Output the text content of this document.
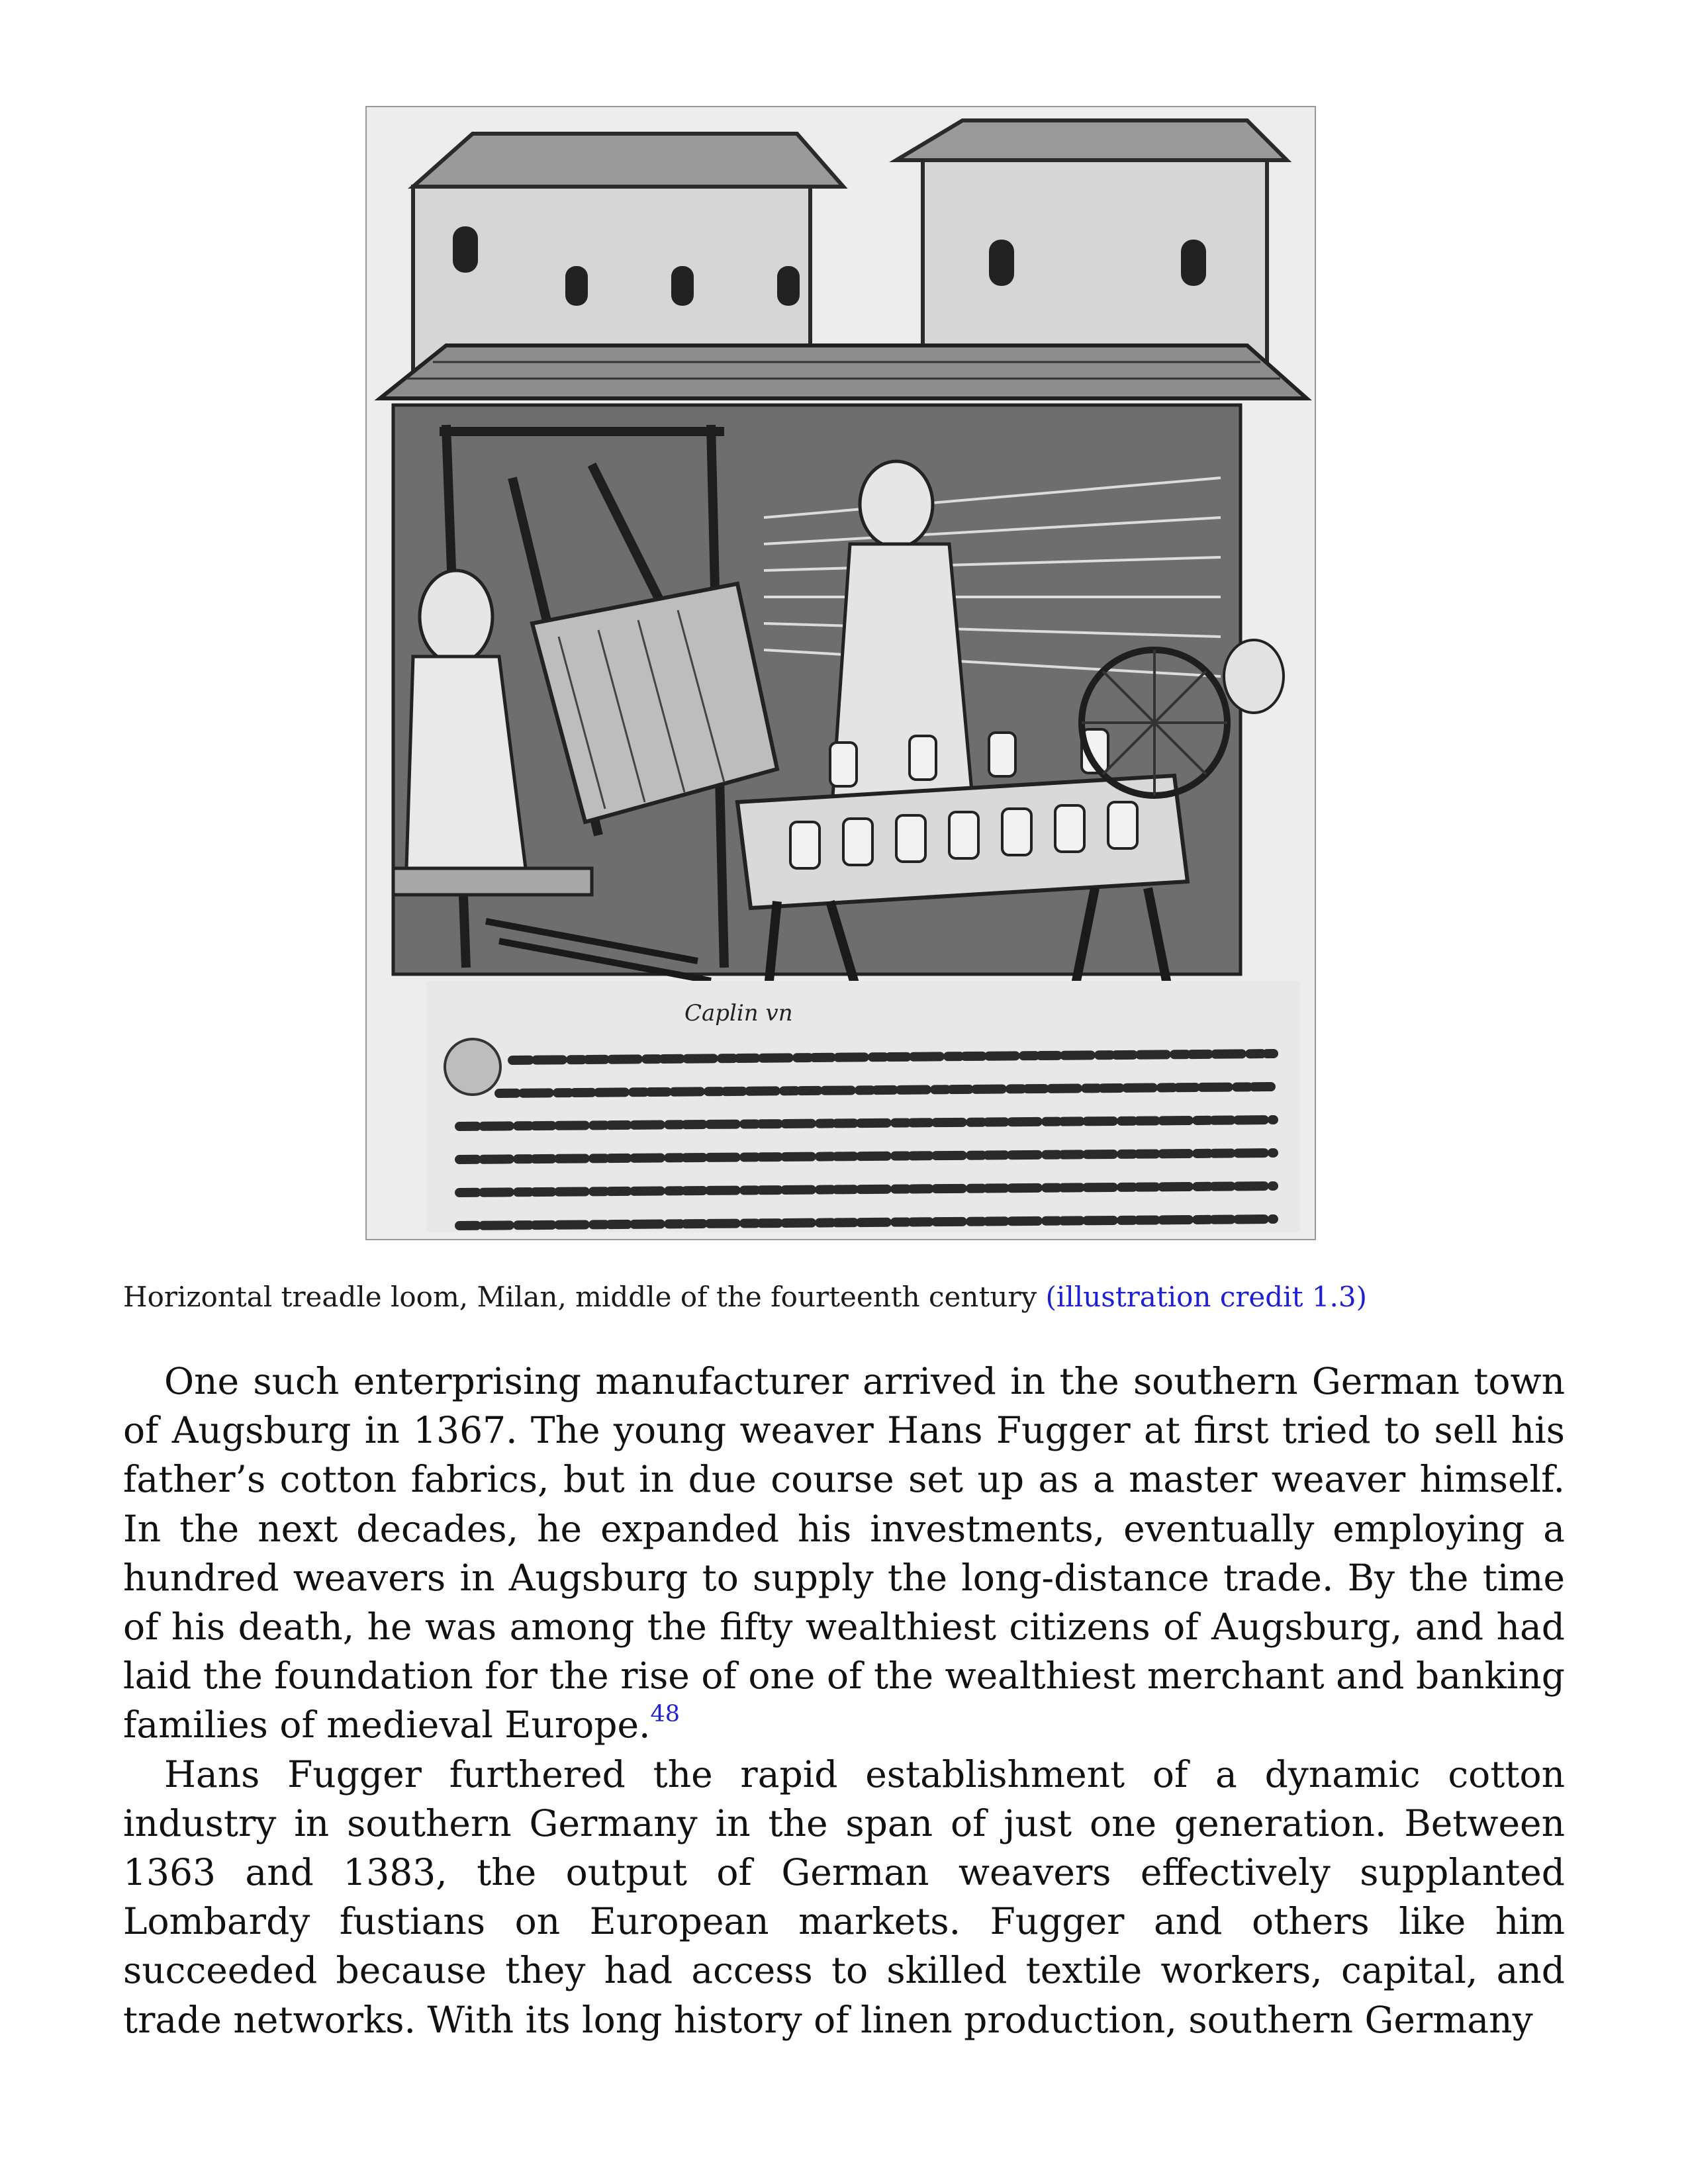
Caplin vn
Horizontal treadle loom, Milan, middle of the fourteenth century (illustration credit 1.3)

One such enterprising manufacturer arrived in the southern German town of Augsburg in 1367. The young weaver Hans Fugger at first tried to sell his father’s cotton fabrics, but in due course set up as a master weaver himself. In the next decades, he expanded his investments, eventually employing a hundred weavers in Augsburg to supply the long-distance trade. By the time of his death, he was among the fifty wealthiest citizens of Augsburg, and had laid the foundation for the rise of one of the wealthiest merchant and banking families of medieval Europe.$^{48}$

Hans Fugger furthered the rapid establishment of a dynamic cotton industry in southern Germany in the span of just one generation. Between 1363 and 1383, the output of German weavers effectively supplanted Lombardy fustians on European markets. Fugger and others like him succeeded because they had access to skilled textile workers, capital, and trade networks. With its long history of linen production, southern Germany
